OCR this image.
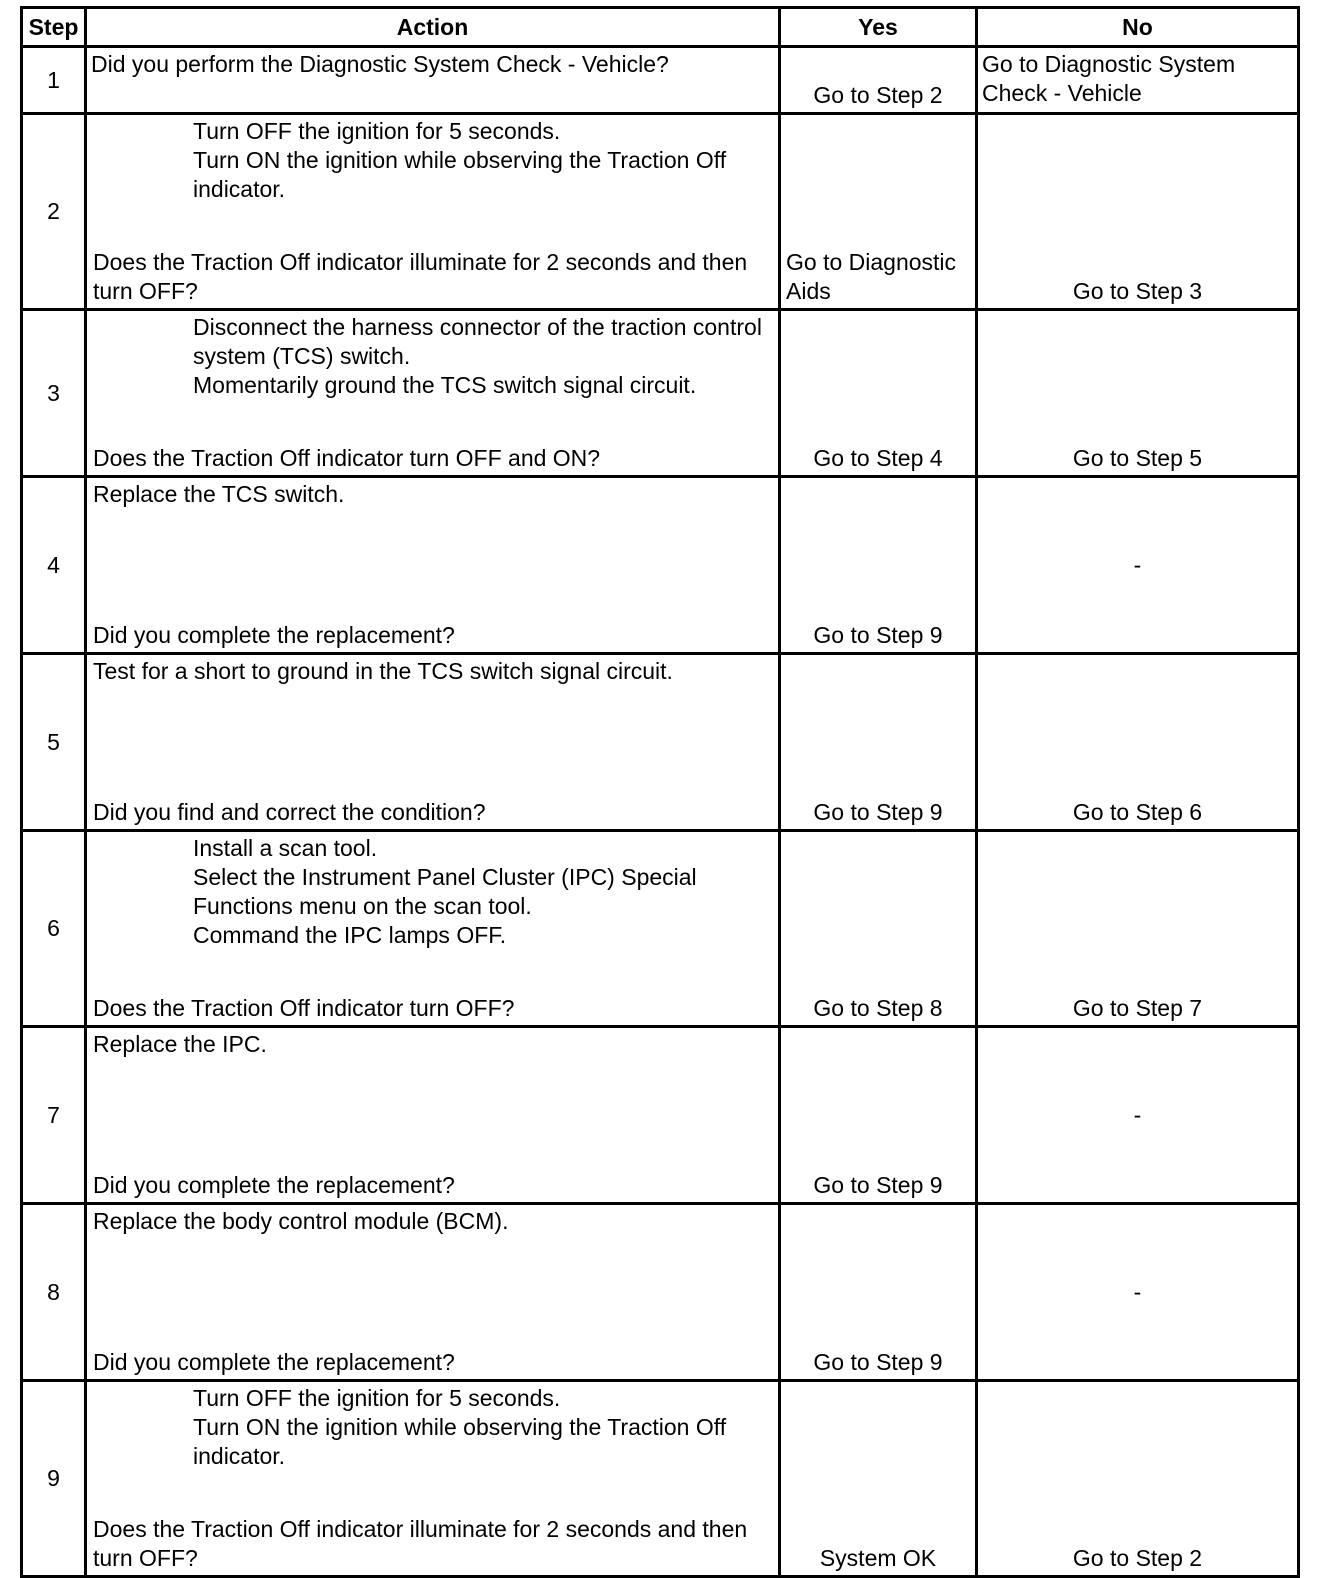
Step	Action	Yes	No
1	Did you perform the Diagnostic System Check - Vehicle?	Go to Step 2	Go to Diagnostic System Check - Vehicle

2	Turn OFF the ignition for 5 seconds.
Turn ON the ignition while observing the Traction Off indicator.
Does the Traction Off indicator illuminate for 2 seconds and then turn OFF?	Go to Diagnostic Aids	Go to Step 3

3	Disconnect the harness connector of the traction control system (TCS) switch.
Momentarily ground the TCS switch signal circuit.
Does the Traction Off indicator turn OFF and ON?	Go to Step 4	Go to Step 5

4	Replace the TCS switch.
Did you complete the replacement?	Go to Step 9	-

5	Test for a short to ground in the TCS switch signal circuit.
Did you find and correct the condition?	Go to Step 9	Go to Step 6

6	Install a scan tool.
Select the Instrument Panel Cluster (IPC) Special Functions menu on the scan tool.
Command the IPC lamps OFF.
Does the Traction Off indicator turn OFF?	Go to Step 8	Go to Step 7

7	Replace the IPC.
Did you complete the replacement?	Go to Step 9	-

8	Replace the body control module (BCM).
Did you complete the replacement?	Go to Step 9	-

9	Turn OFF the ignition for 5 seconds.
Turn ON the ignition while observing the Traction Off indicator.
Does the Traction Off indicator illuminate for 2 seconds and then turn OFF?	System OK	Go to Step 2
